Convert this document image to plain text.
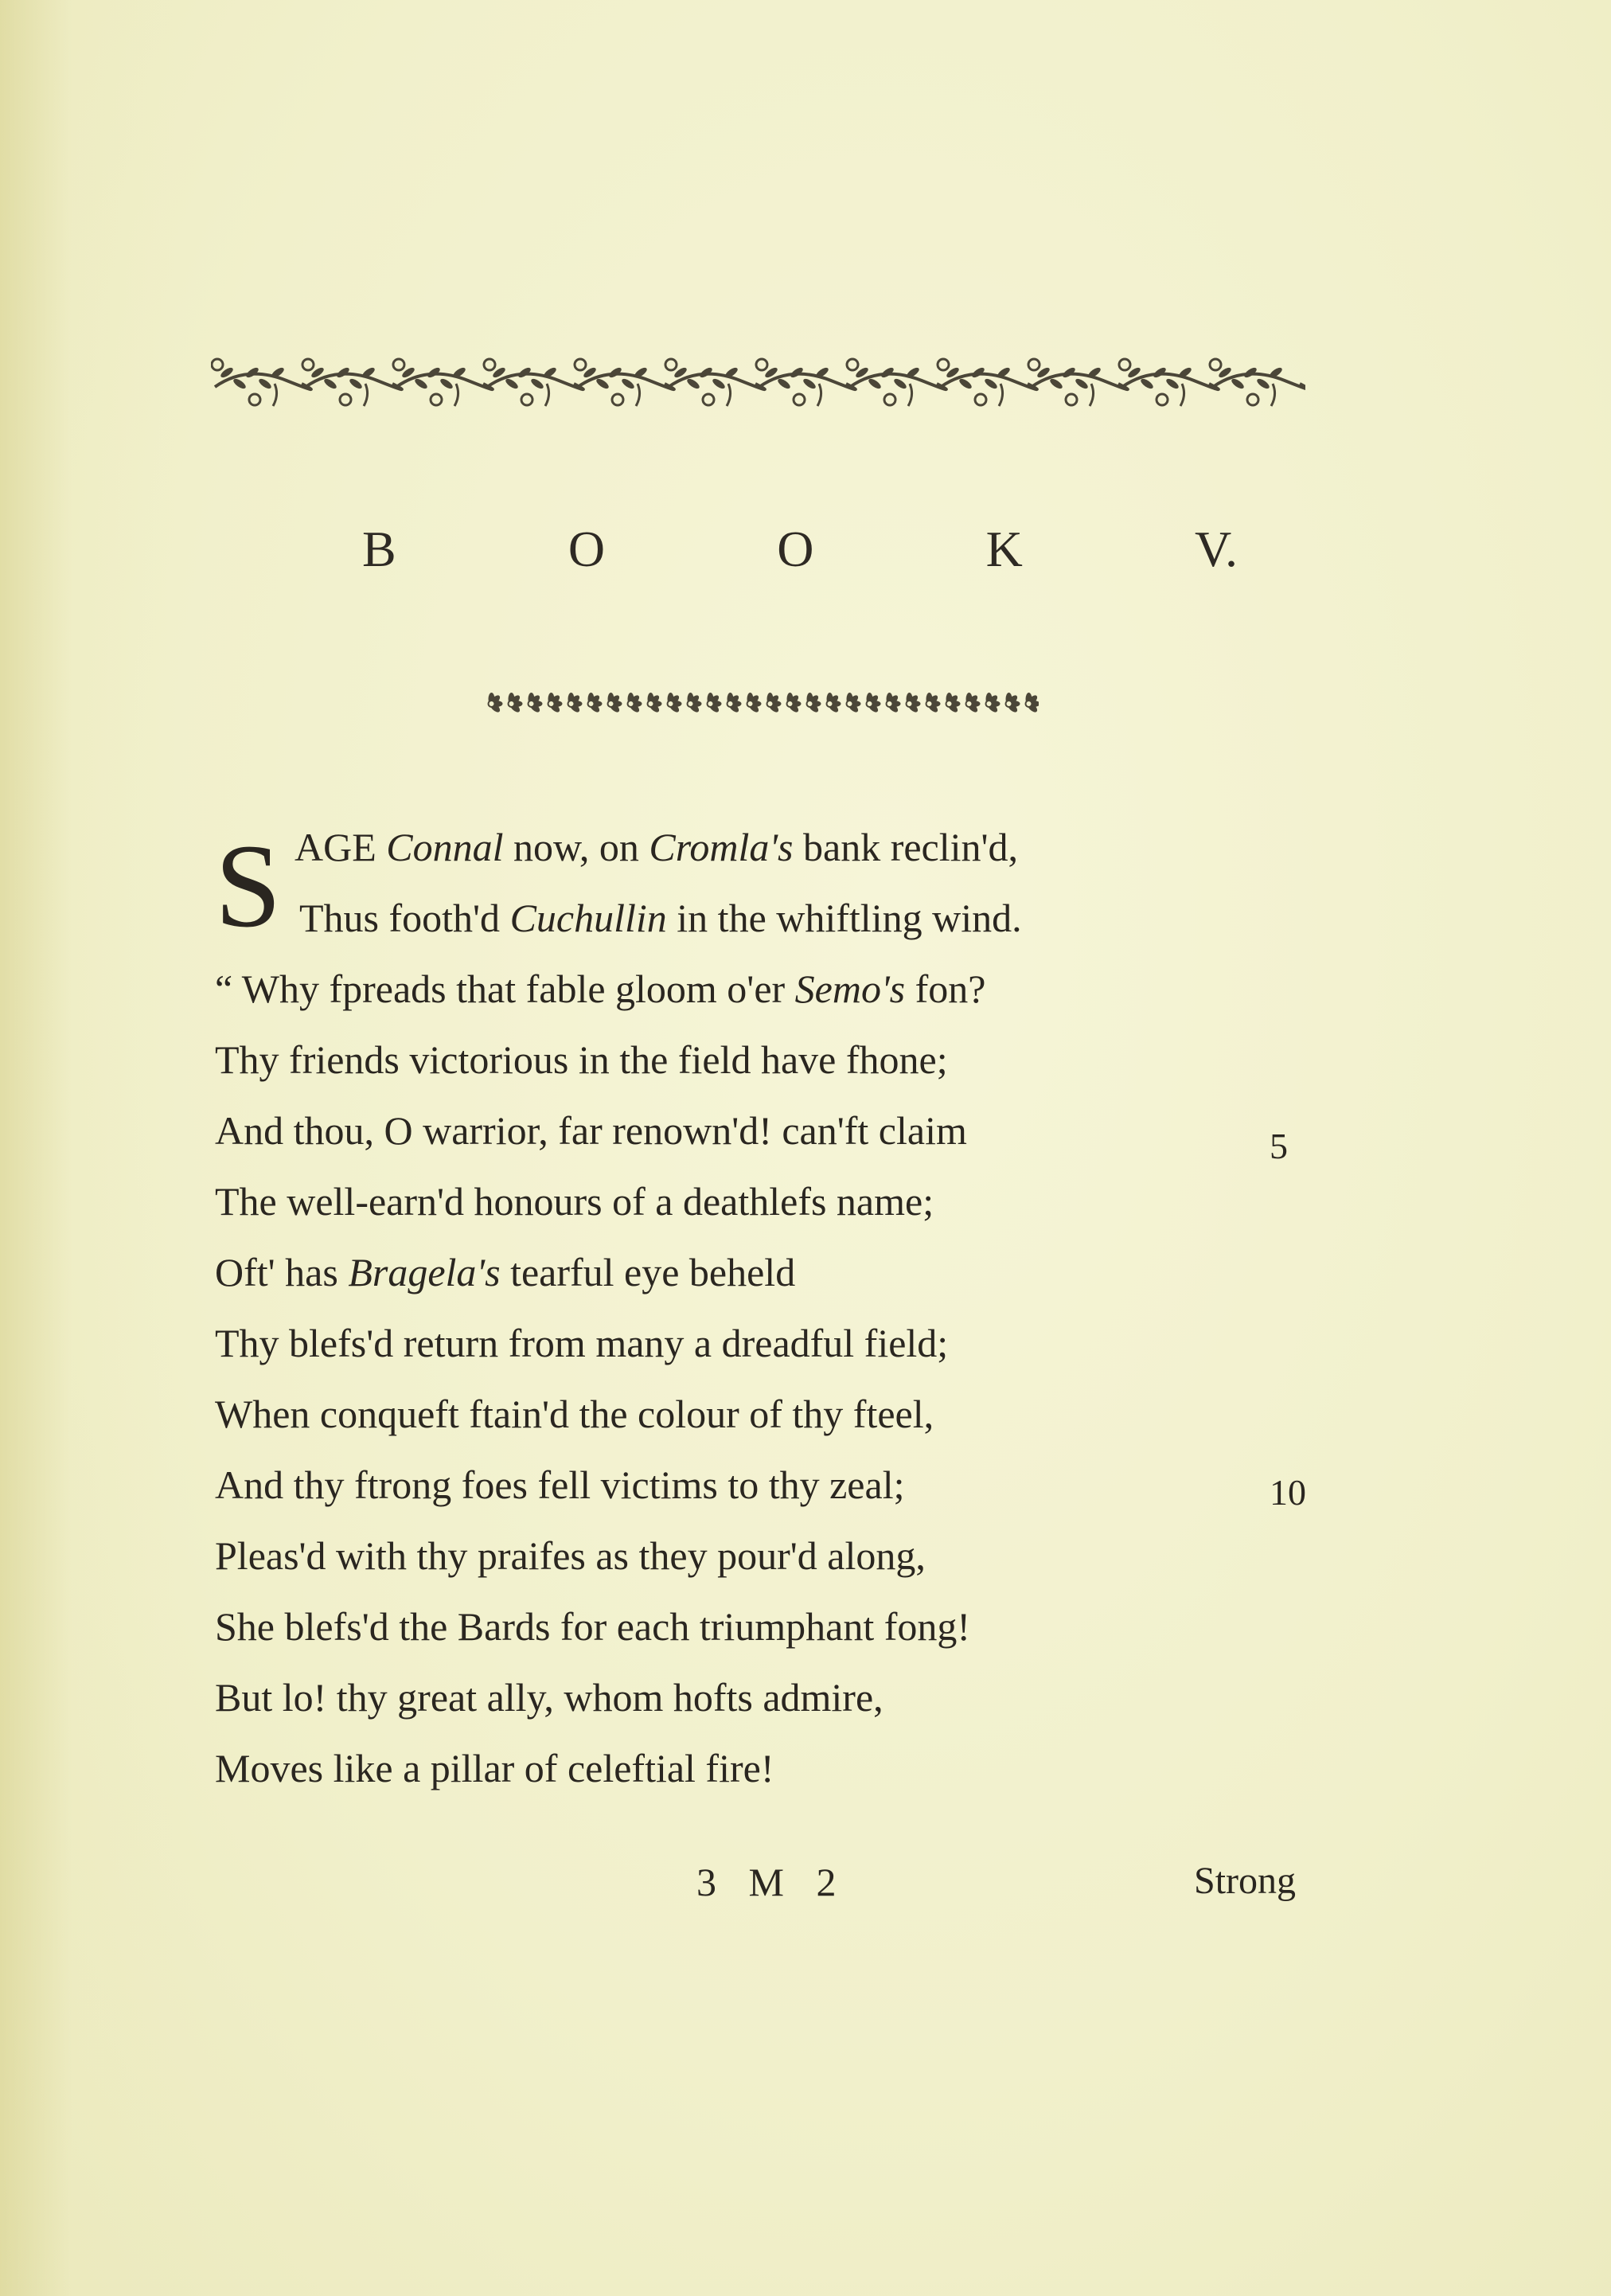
B	O	O	K	V.
S AGE Connal now, on Cromla's bank reclin'd,
Thus footh'd Cuchullin in the whiftling wind.
“ Why fpreads that fable gloom o'er Semo's fon?
Thy friends victorious in the field have fhone;
And thou, O warrior, far renown'd! can'ft claim
The well-earn'd honours of a deathlefs name;
Oft' has Bragela's tearful eye beheld
Thy blefs'd return from many a dreadful field;
When conqueft ftain'd the colour of thy fteel,
And thy ftrong foes fell victims to thy zeal;
Pleas'd with thy praifes as they pour'd along,
She blefs'd the Bards for each triumphant fong!
But lo! thy great ally, whom hofts admire,
Moves like a pillar of celeftial fire!
5
10
3 M 2	Strong
